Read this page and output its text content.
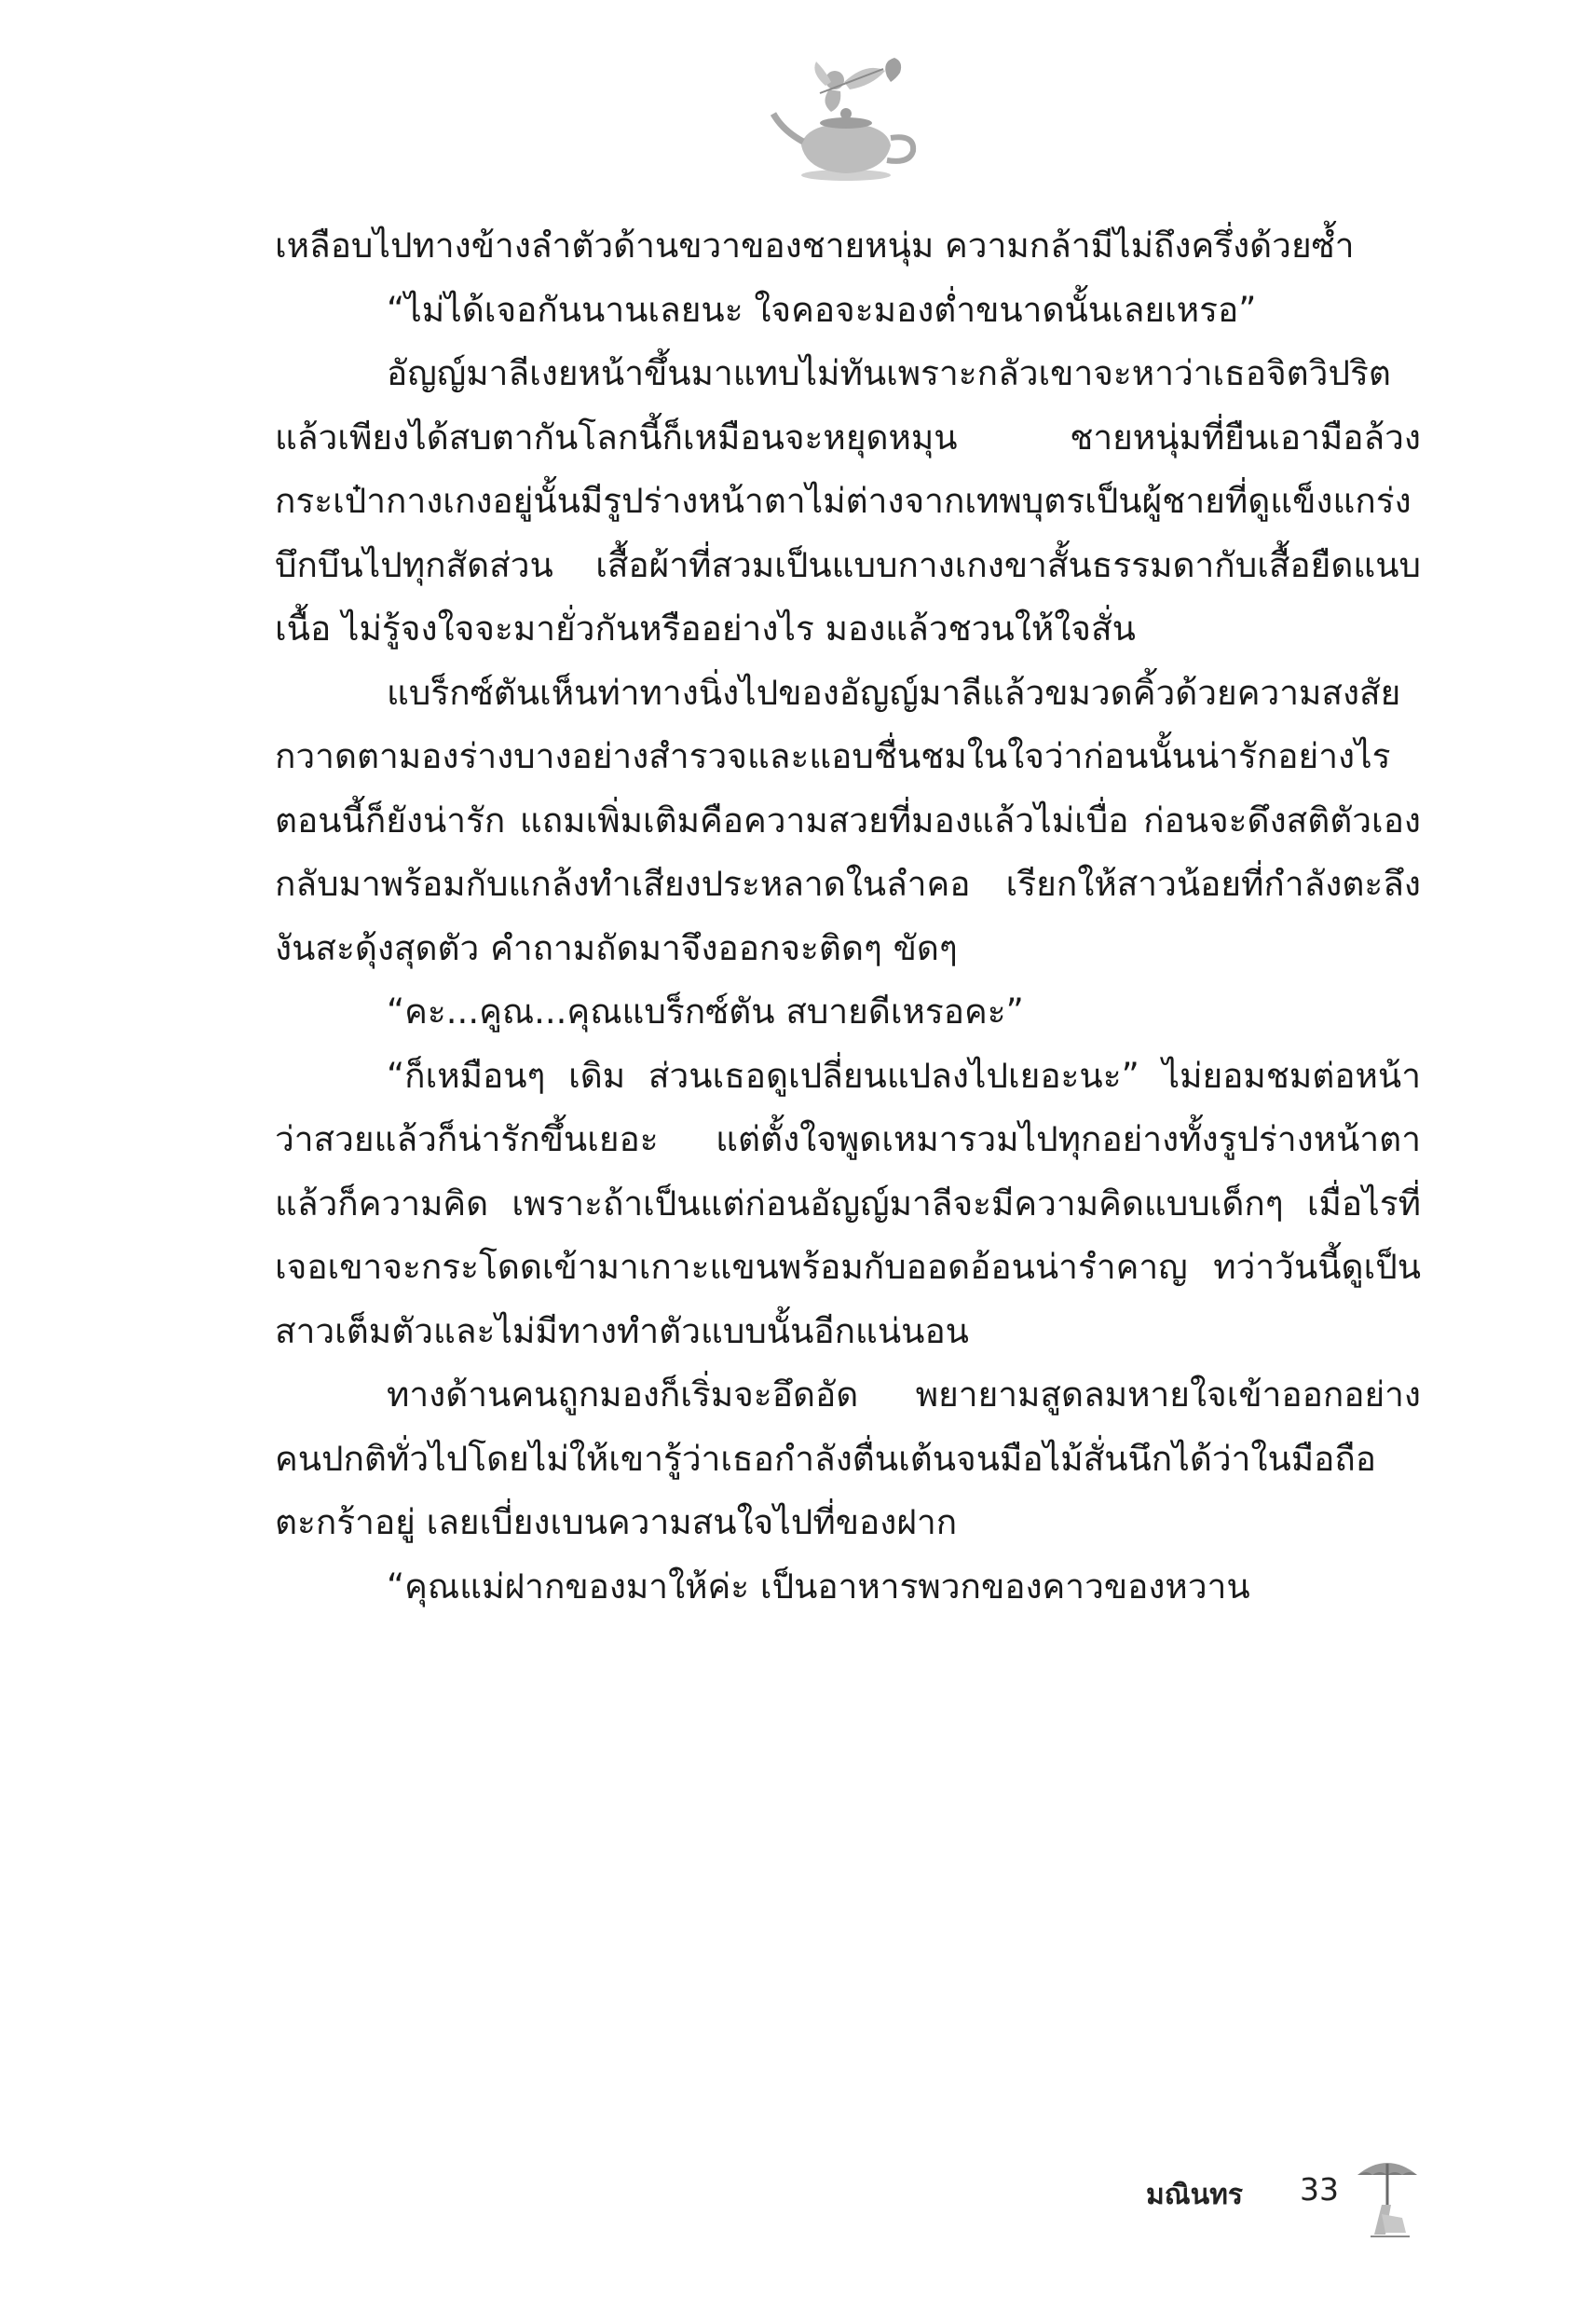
เหลือบไปทางข้างลำตัวด้านขวาของชายหนุ่ม ความกล้ามีไม่ถึงครึ่งด้วยซ้ำ

“ไม่ได้เจอกันนานเลยนะ ใจคอจะมองต่ำขนาดนั้นเลยเหรอ”

อัญญ์มาลีเงยหน้าขึ้นมาแทบไม่ทันเพราะกลัวเขาจะหาว่าเธอจิตวิปริต แล้วเพียงได้สบตากันโลกนี้ก็เหมือนจะหยุดหมุน ชายหนุ่มที่ยืนเอามือล้วงกระเป๋ากางเกงอยู่นั้นมีรูปร่างหน้าตาไม่ต่างจากเทพบุตรเป็นผู้ชายที่ดูแข็งแกร่งบึกบึนไปทุกสัดส่วน เสื้อผ้าที่สวมเป็นแบบกางเกงขาสั้นธรรมดากับเสื้อยืดแนบเนื้อ ไม่รู้จงใจจะมายั่วกันหรืออย่างไร มองแล้วชวนให้ใจสั่น

แบร็กซ์ตันเห็นท่าทางนิ่งไปของอัญญ์มาลีแล้วขมวดคิ้วด้วยความสงสัย กวาดตามองร่างบางอย่างสำรวจและแอบชื่นชมในใจว่าก่อนนั้นน่ารักอย่างไรตอนนี้ก็ยังน่ารัก แถมเพิ่มเติมคือความสวยที่มองแล้วไม่เบื่อ ก่อนจะดึงสติตัวเองกลับมาพร้อมกับแกล้งทำเสียงประหลาดในลำคอ เรียกให้สาวน้อยที่กำลังตะลึงงันสะดุ้งสุดตัว คำถามถัดมาจึงออกจะติดๆ ขัดๆ

“คะ...คูณ...คุณแบร็กซ์ตัน สบายดีเหรอคะ”

“ก็เหมือนๆ เดิม ส่วนเธอดูเปลี่ยนแปลงไปเยอะนะ” ไม่ยอมชมต่อหน้าว่าสวยแล้วก็น่ารักขึ้นเยอะ แต่ตั้งใจพูดเหมารวมไปทุกอย่างทั้งรูปร่างหน้าตาแล้วก็ความคิด เพราะถ้าเป็นแต่ก่อนอัญญ์มาลีจะมีความคิดแบบเด็กๆ เมื่อไรที่เจอเขาจะกระโดดเข้ามาเกาะแขนพร้อมกับออดอ้อนน่ารำคาญ ทว่าวันนี้ดูเป็นสาวเต็มตัวและไม่มีทางทำตัวแบบนั้นอีกแน่นอน

ทางด้านคนถูกมองก็เริ่มจะอึดอัด พยายามสูดลมหายใจเข้าออกอย่างคนปกติทั่วไปโดยไม่ให้เขารู้ว่าเธอกำลังตื่นเต้นจนมือไม้สั่นนึกได้ว่าในมือถือตะกร้าอยู่ เลยเบี่ยงเบนความสนใจไปที่ของฝาก

“คุณแม่ฝากของมาให้ค่ะ เป็นอาหารพวกของคาวของหวาน

มณินทร 33
